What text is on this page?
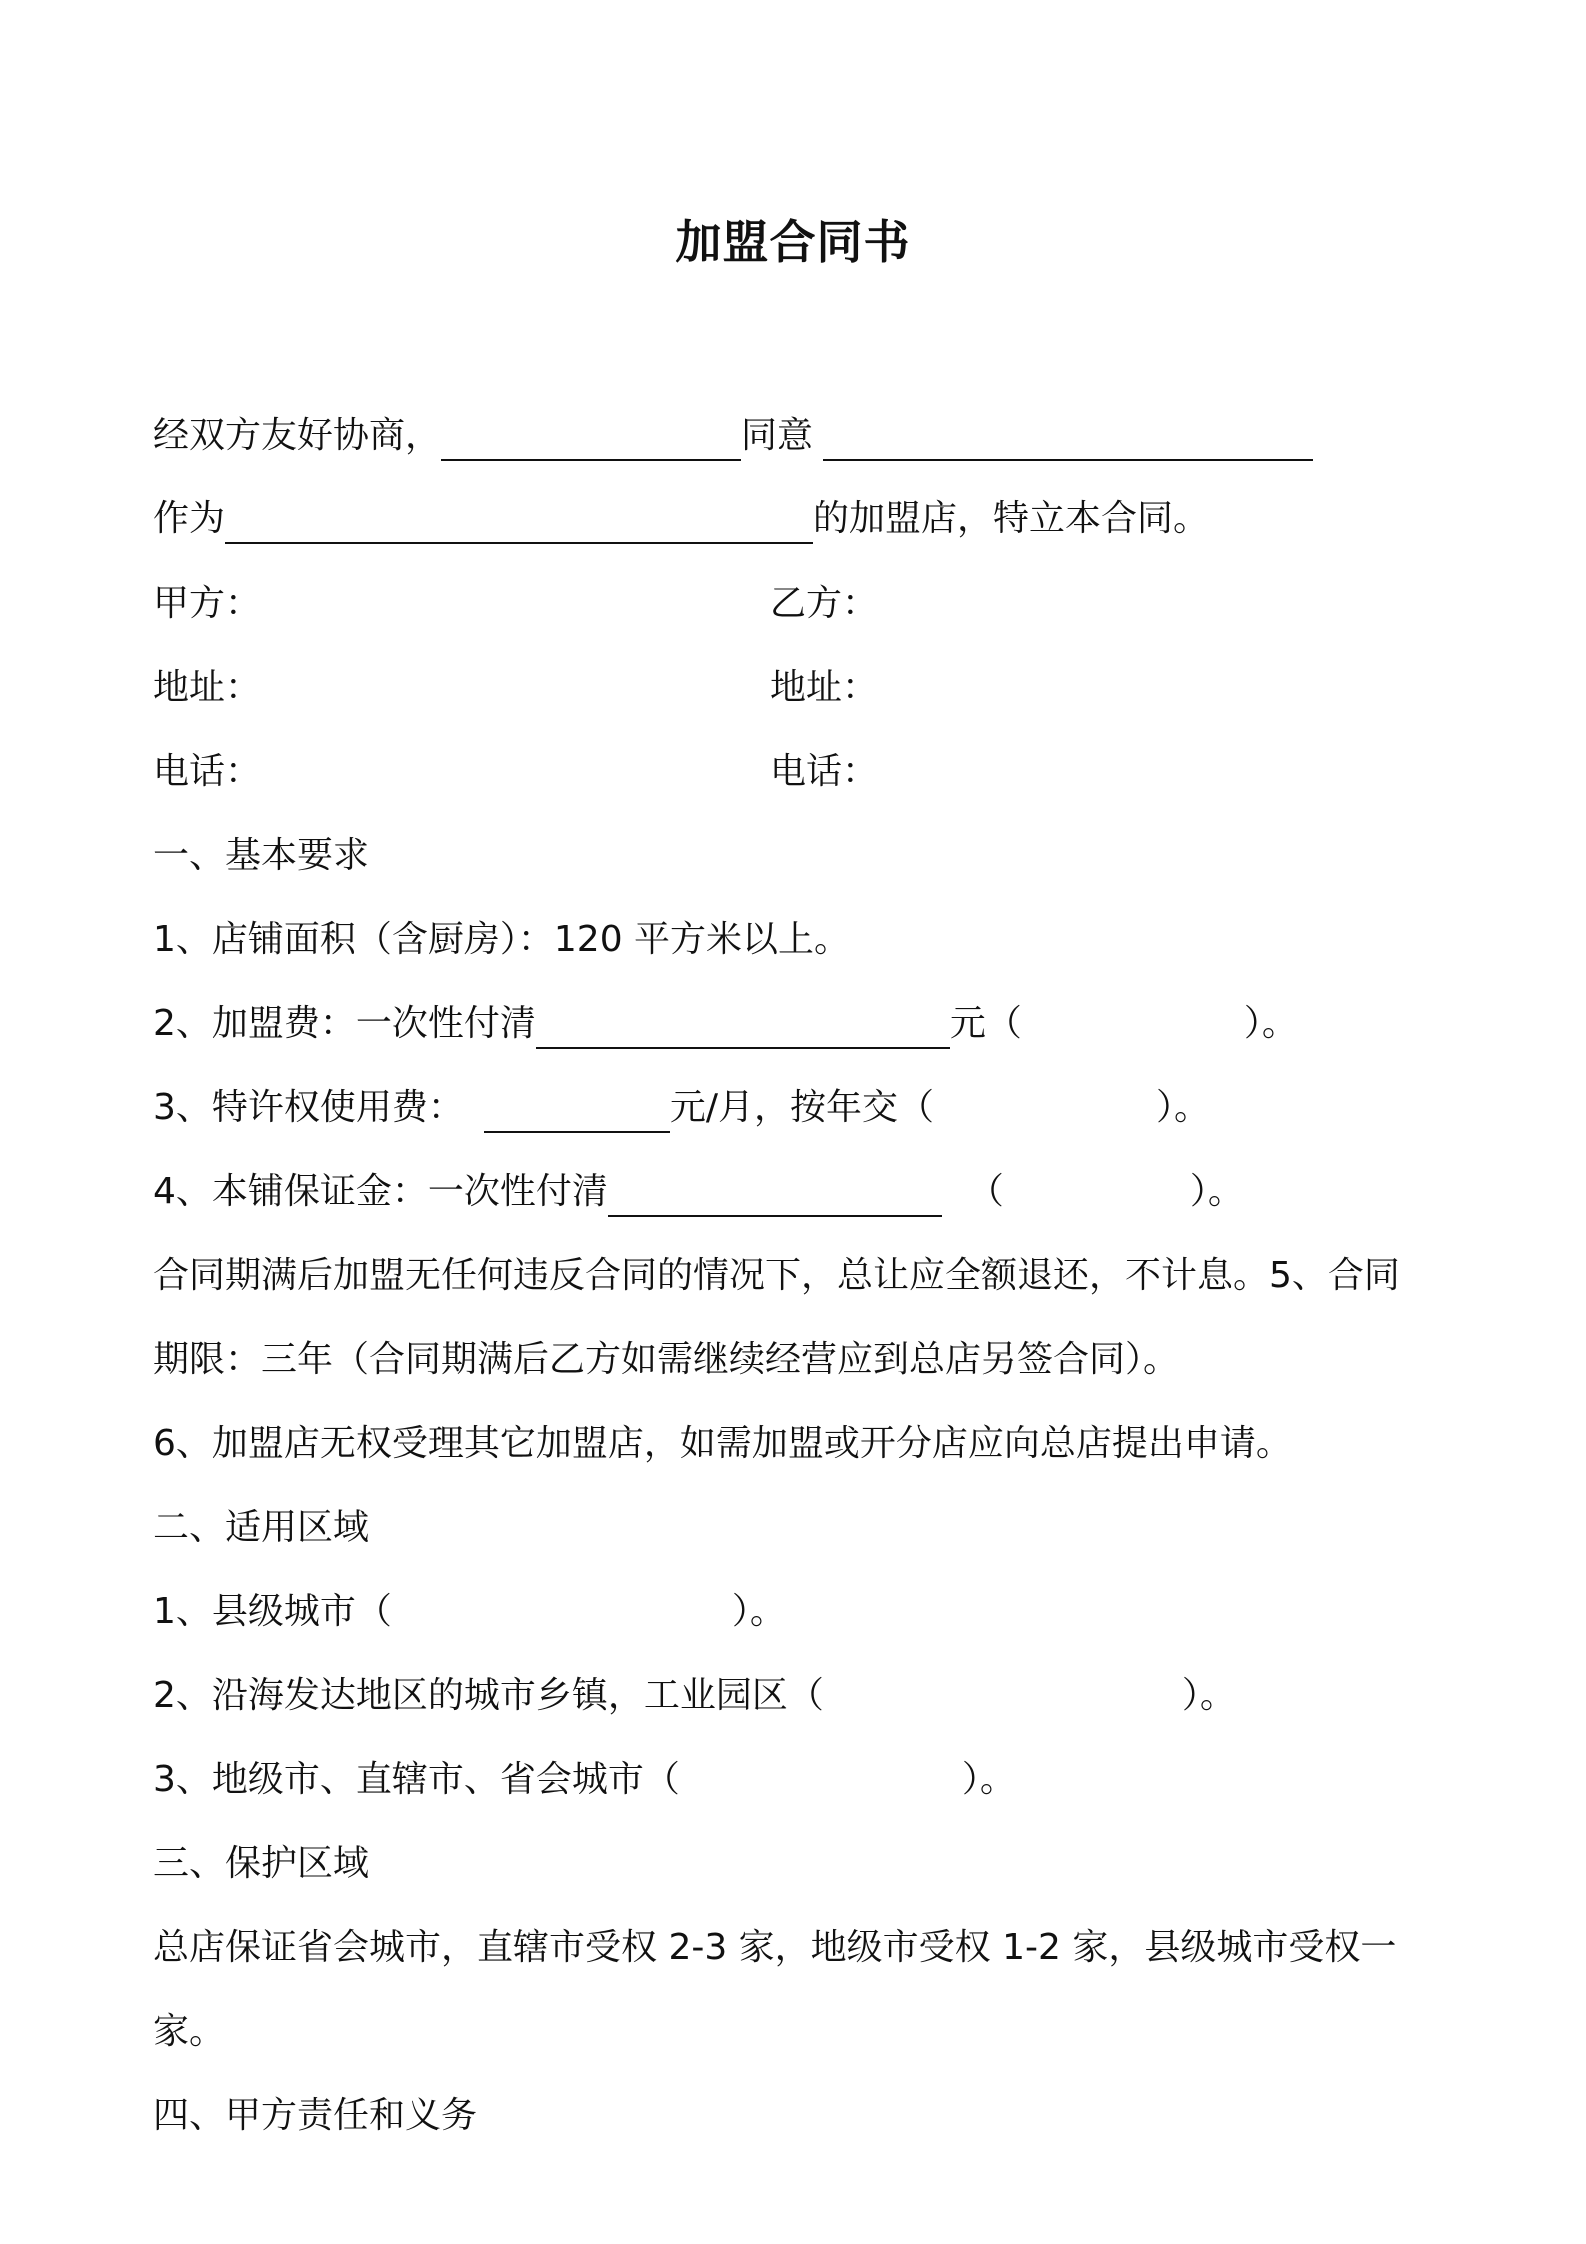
加盟合同书
经双方友好协商，	同意
作为	的加盟店，特立本合同。
甲方：	乙方：
地址：	地址：
电话：	电话：
一、基本要求
1、店铺面积（含厨房）：120 平方米以上。
2、加盟费：一次性付清	元（	）。
3、特许权使用费：	元/月，按年交（	）。
4、本铺保证金：一次性付清	（	）。
合同期满后加盟无任何违反合同的情况下，总让应全额退还，不计息。5、合同
期限：三年（合同期满后乙方如需继续经营应到总店另签合同）。
6、加盟店无权受理其它加盟店，如需加盟或开分店应向总店提出申请。
二、适用区域
1、县级城市（	）。
2、沿海发达地区的城市乡镇，工业园区（	）。
3、地级市、直辖市、省会城市（	）。
三、保护区域
总店保证省会城市，直辖市受权 2-3 家，地级市受权 1-2 家，县级城市受权一
家。
四、甲方责任和义务
